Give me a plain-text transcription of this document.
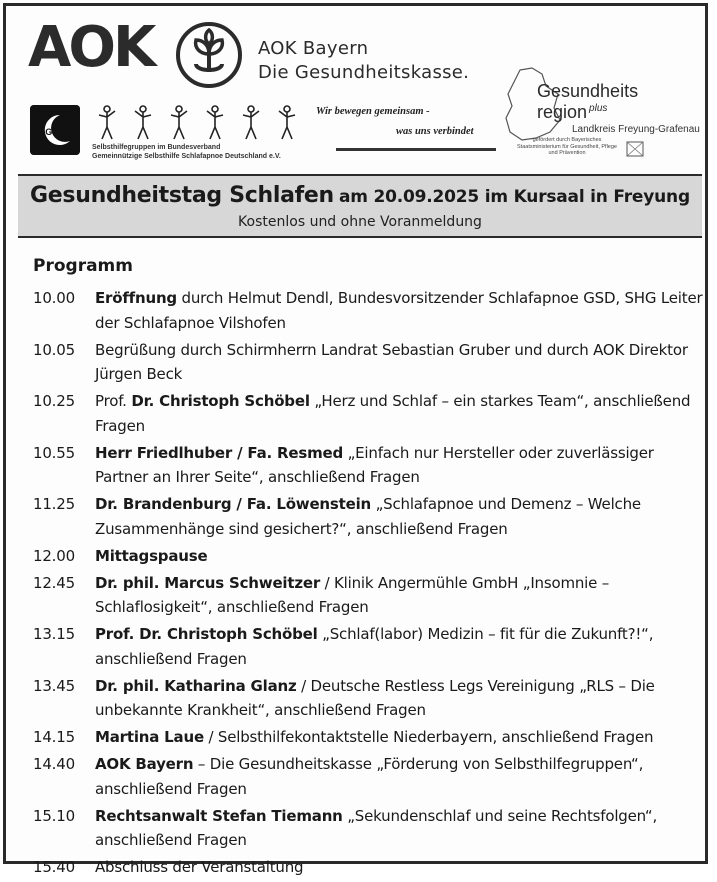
AOK	AOK Bayern
Die Gesundheitskasse.
GSD
Wir bewegen gemeinsam -
was uns verbindet
Selbsthilfegruppen im Bundesverband
Gemeinnützige Selbsthilfe Schlafapnoe Deutschland e.V.
Gesundheits
region $^{plus}$
Landkreis Freyung-Grafenau
gefördert durch Bayerisches Staatsministerium für Gesundheit, Pflege und Prävention
Gesundheitstag Schlafen am 20.09.2025 im Kursaal in Freyung
Kostenlos und ohne Voranmeldung
Programm
10.00	Eröffnung durch Helmut Dendl, Bundesvorsitzender Schlafapnoe GSD, SHG Leiter der Schlafapnoe Vilshofen
10.05	Begrüßung durch Schirmherrn Landrat Sebastian Gruber und durch AOK Direktor Jürgen Beck
10.25	Prof. Dr. Christoph Schöbel „Herz und Schlaf – ein starkes Team“, anschließend Fragen
10.55	Herr Friedlhuber / Fa. Resmed „Einfach nur Hersteller oder zuverlässiger Partner an Ihrer Seite“, anschließend Fragen
11.25	Dr. Brandenburg / Fa. Löwenstein „Schlafapnoe und Demenz – Welche Zusammenhänge sind gesichert?“, anschließend Fragen
12.00	Mittagspause
12.45	Dr. phil. Marcus Schweitzer / Klinik Angermühle GmbH „Insomnie – Schlaflosigkeit“, anschließend Fragen
13.15	Prof. Dr. Christoph Schöbel „Schlaf(labor) Medizin – fit für die Zukunft?!“, anschließend Fragen
13.45	Dr. phil. Katharina Glanz / Deutsche Restless Legs Vereinigung „RLS – Die unbekannte Krankheit“, anschließend Fragen
14.15	Martina Laue / Selbsthilfekontaktstelle Niederbayern, anschließend Fragen
14.40	AOK Bayern – Die Gesundheitskasse „Förderung von Selbsthilfegruppen“, anschließend Fragen
15.10	Rechtsanwalt Stefan Tiemann „Sekundenschlaf und seine Rechtsfolgen“, anschließend Fragen
15.40	Abschluss der Veranstaltung
